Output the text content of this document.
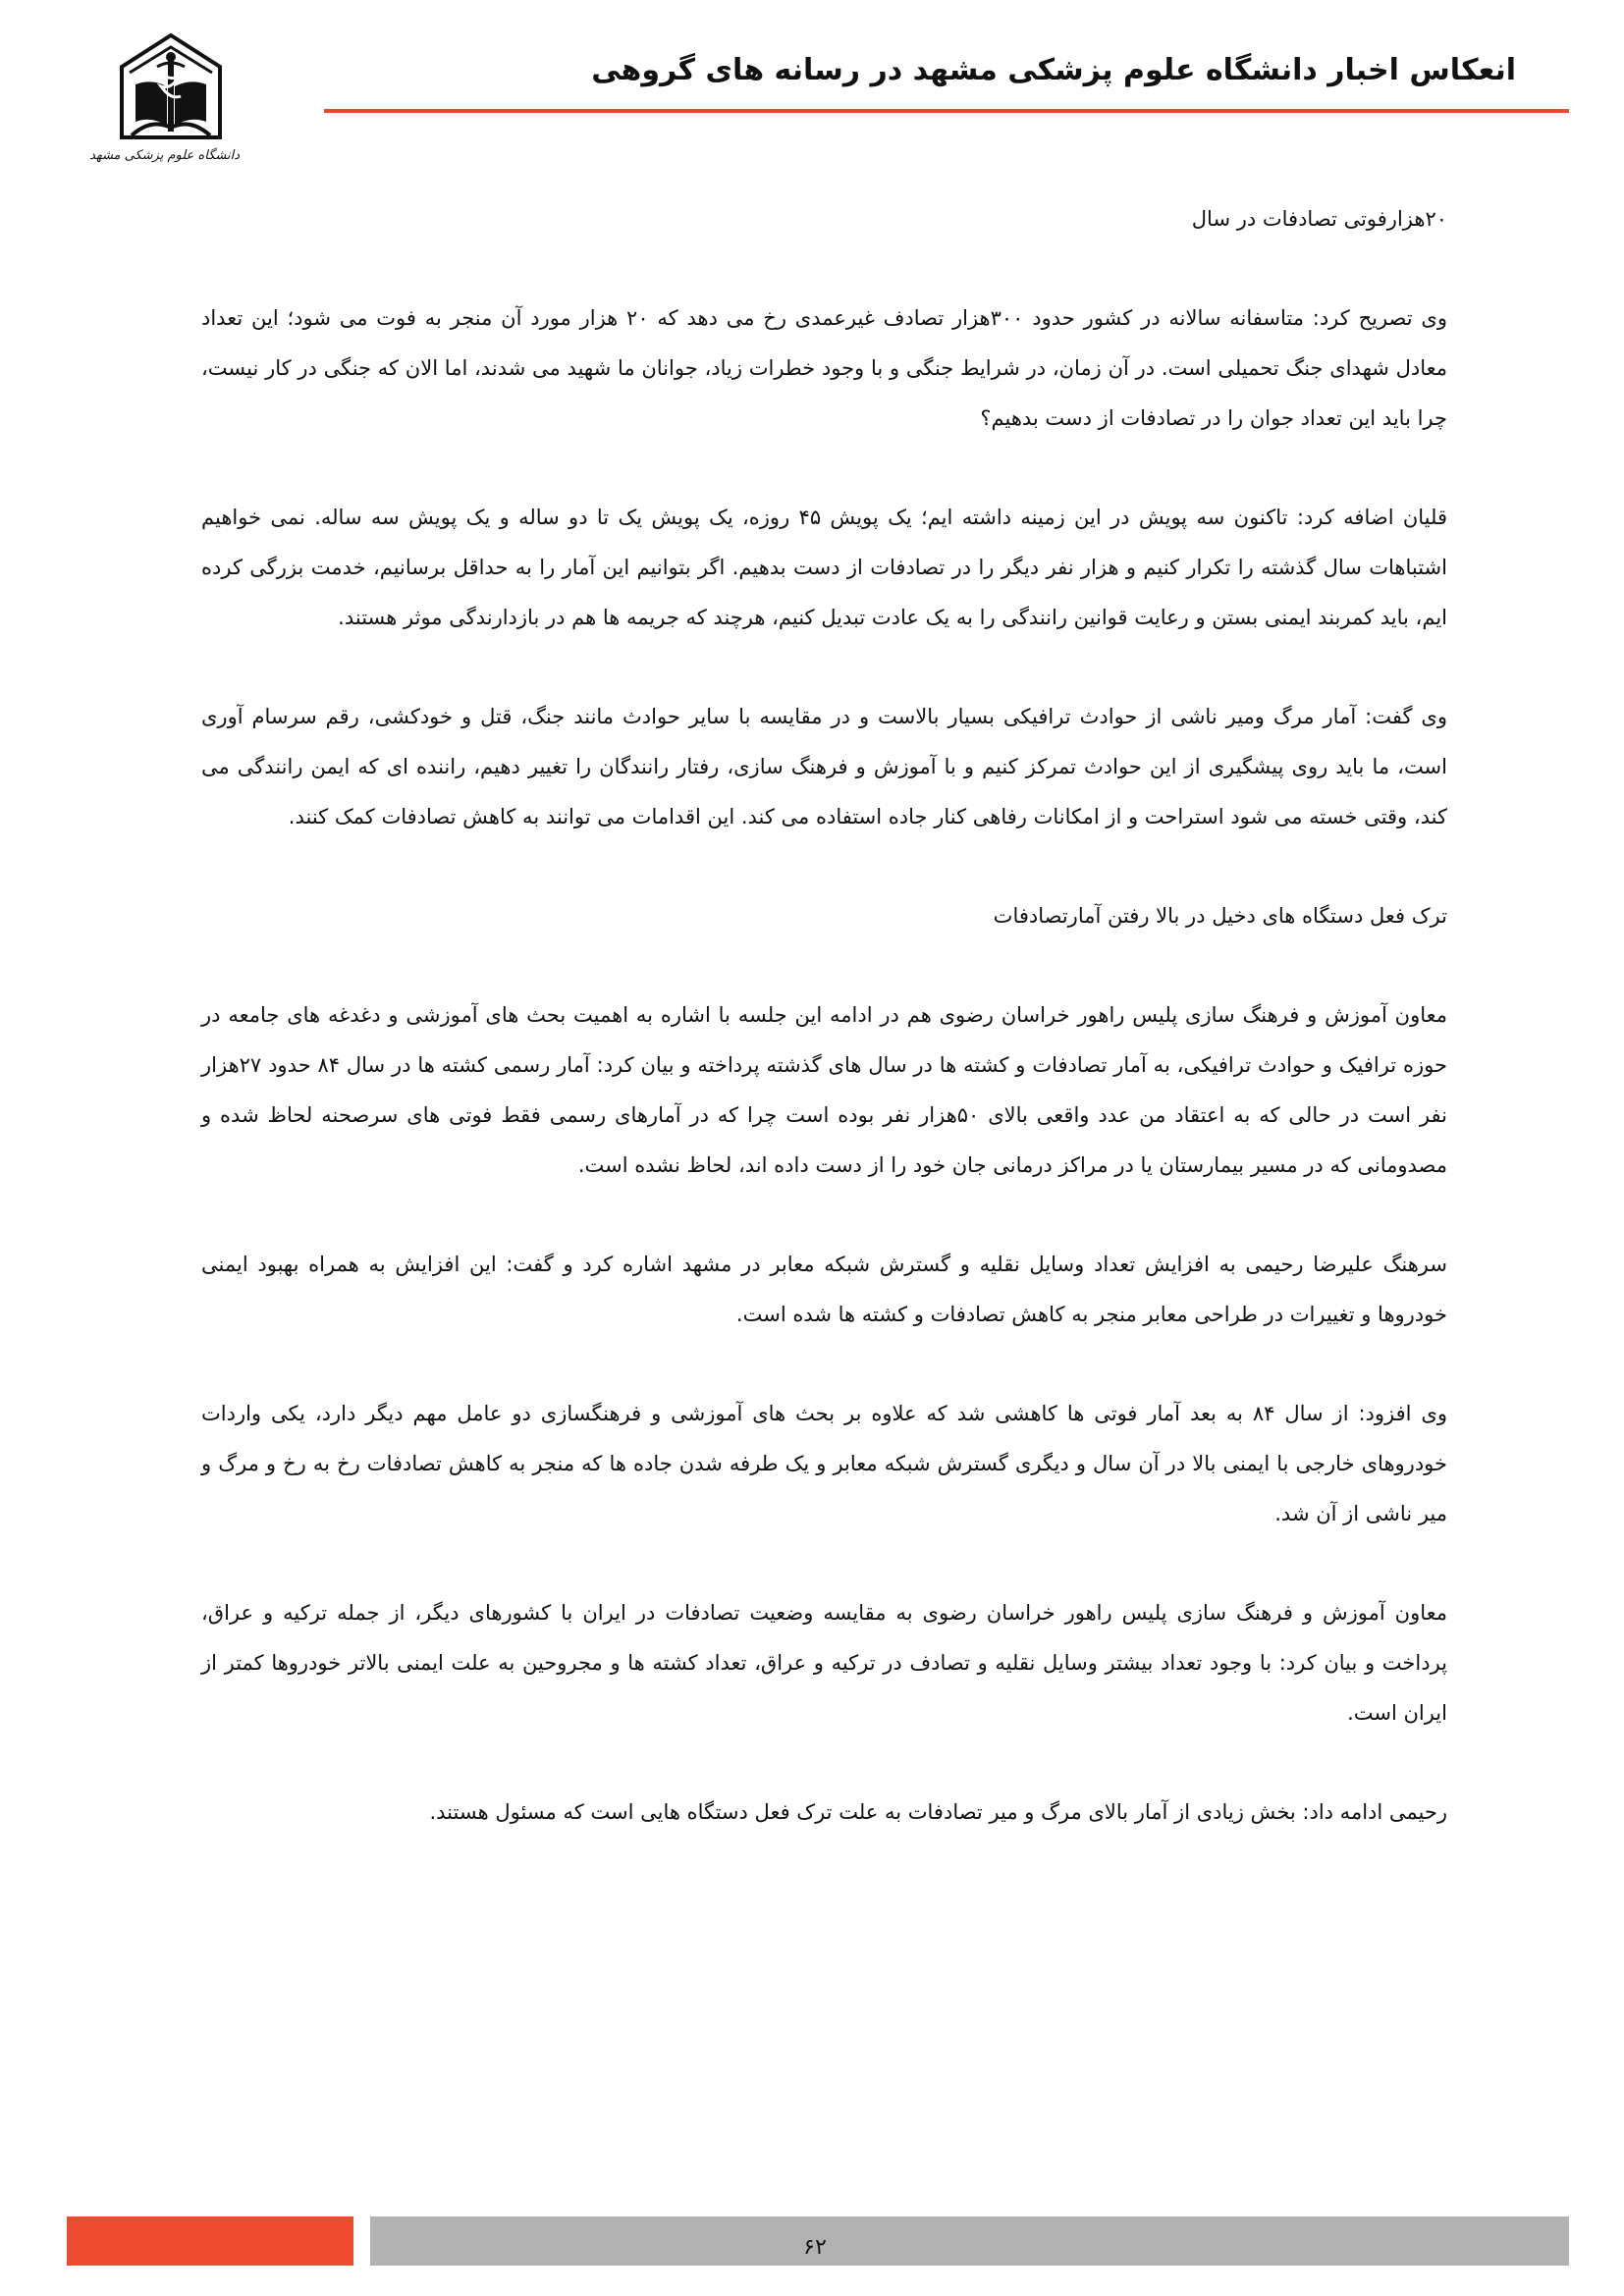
دانشگاه علوم پزشکی مشهد
انعکاس اخبار دانشگاه علوم پزشکی مشهد در رسانه های گروهی

۲۰هزارفوتی تصادفات در سال

وی تصریح کرد: متاسفانه سالانه در کشور حدود ۳۰۰هزار تصادف غیرعمدی رخ می دهد که ۲۰ هزار مورد آن منجر به فوت می شود؛ این تعداد معادل شهدای جنگ تحمیلی است. در آن زمان، در شرایط جنگی و با وجود خطرات زیاد، جوانان ما شهید می شدند، اما الان که جنگی در کار نیست، چرا باید این تعداد جوان را در تصادفات از دست بدهیم؟

قلیان اضافه کرد: تاکنون سه پویش در این زمینه داشته ایم؛ یک پویش ۴۵ روزه، یک پویش یک تا دو ساله و یک پویش سه ساله. نمی خواهیم اشتباهات سال گذشته را تکرار کنیم و هزار نفر دیگر را در تصادفات از دست بدهیم. اگر بتوانیم این آمار را به حداقل برسانیم، خدمت بزرگی کرده ایم، باید کمربند ایمنی بستن و رعایت قوانین رانندگی را به یک عادت تبدیل کنیم، هرچند که جریمه ها هم در بازدارندگی موثر هستند.

وی گفت: آمار مرگ ومیر ناشی از حوادث ترافیکی بسیار بالاست و در مقایسه با سایر حوادث مانند جنگ، قتل و خودکشی، رقم سرسام آوری است، ما باید روی پیشگیری از این حوادث تمرکز کنیم و با آموزش و فرهنگ سازی، رفتار رانندگان را تغییر دهیم، راننده ای که ایمن رانندگی می کند، وقتی خسته می شود استراحت و از امکانات رفاهی کنار جاده استفاده می کند. این اقدامات می توانند به کاهش تصادفات کمک کنند.

ترک فعل دستگاه های دخیل در بالا رفتن آمارتصادفات

معاون آموزش و فرهنگ سازی پلیس راهور خراسان رضوی هم در ادامه این جلسه با اشاره به اهمیت بحث های آموزشی و دغدغه های جامعه در حوزه ترافیک و حوادث ترافیکی، به آمار تصادفات و کشته ها در سال های گذشته پرداخته و بیان کرد: آمار رسمی کشته ها در سال ۸۴ حدود ۲۷هزار نفر است در حالی که به اعتقاد من عدد واقعی بالای ۵۰هزار نفر بوده است چرا که در آمارهای رسمی فقط فوتی های سرصحنه لحاظ شده و مصدومانی که در مسیر بیمارستان یا در مراکز درمانی جان خود را از دست داده اند، لحاظ نشده است.

سرهنگ علیرضا رحیمی به افزایش تعداد وسایل نقلیه و گسترش شبکه معابر در مشهد اشاره کرد و گفت: این افزایش به همراه بهبود ایمنی خودروها و تغییرات در طراحی معابر منجر به کاهش تصادفات و کشته ها شده است.

وی افزود: از سال ۸۴ به بعد آمار فوتی ها کاهشی شد که علاوه بر بحث های آموزشی و فرهنگسازی دو عامل مهم دیگر دارد، یکی واردات خودروهای خارجی با ایمنی بالا در آن سال و دیگری گسترش شبکه معابر و یک طرفه شدن جاده ها که منجر به کاهش تصادفات رخ به رخ و مرگ و میر ناشی از آن شد.

معاون آموزش و فرهنگ سازی پلیس راهور خراسان رضوی به مقایسه وضعیت تصادفات در ایران با کشورهای دیگر، از جمله ترکیه و عراق، پرداخت و بیان کرد: با وجود تعداد بیشتر وسایل نقلیه و تصادف در ترکیه و عراق، تعداد کشته ها و مجروحین به علت ایمنی بالاتر خودروها کمتر از ایران است.

رحیمی ادامه داد: بخش زیادی از آمار بالای مرگ و میر تصادفات به علت ترک فعل دستگاه هایی است که مسئول هستند.

۶۲
